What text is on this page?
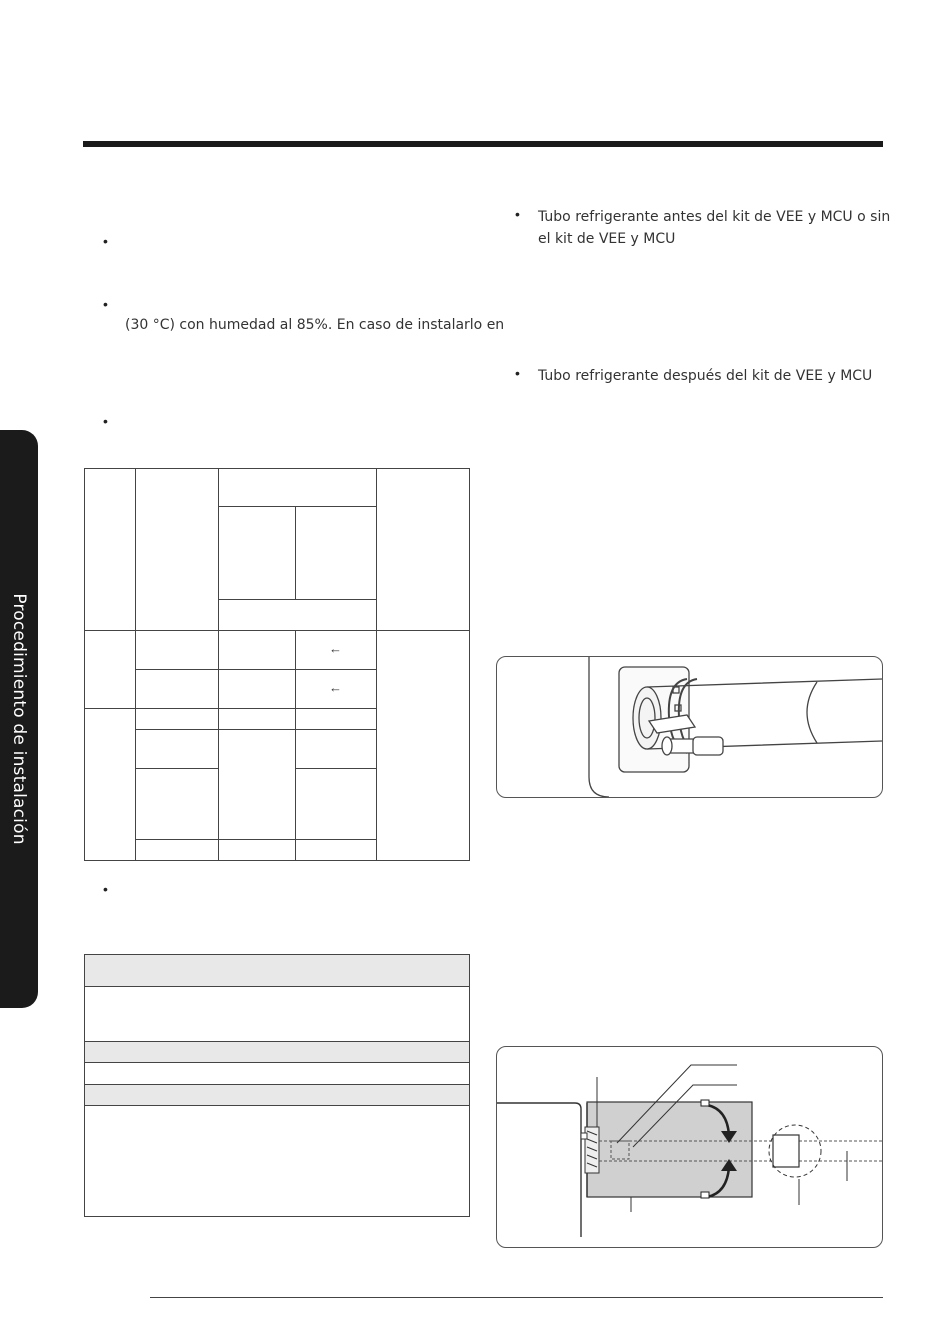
Procedimiento de instalación
•
•
(30 °C) con humedad al 85%. En caso de instalarlo en
•
•
←
←
• Tubo refrigerante antes del kit de VEE y MCU o sin
el kit de VEE y MCU
• Tubo refrigerante después del kit de VEE y MCU
